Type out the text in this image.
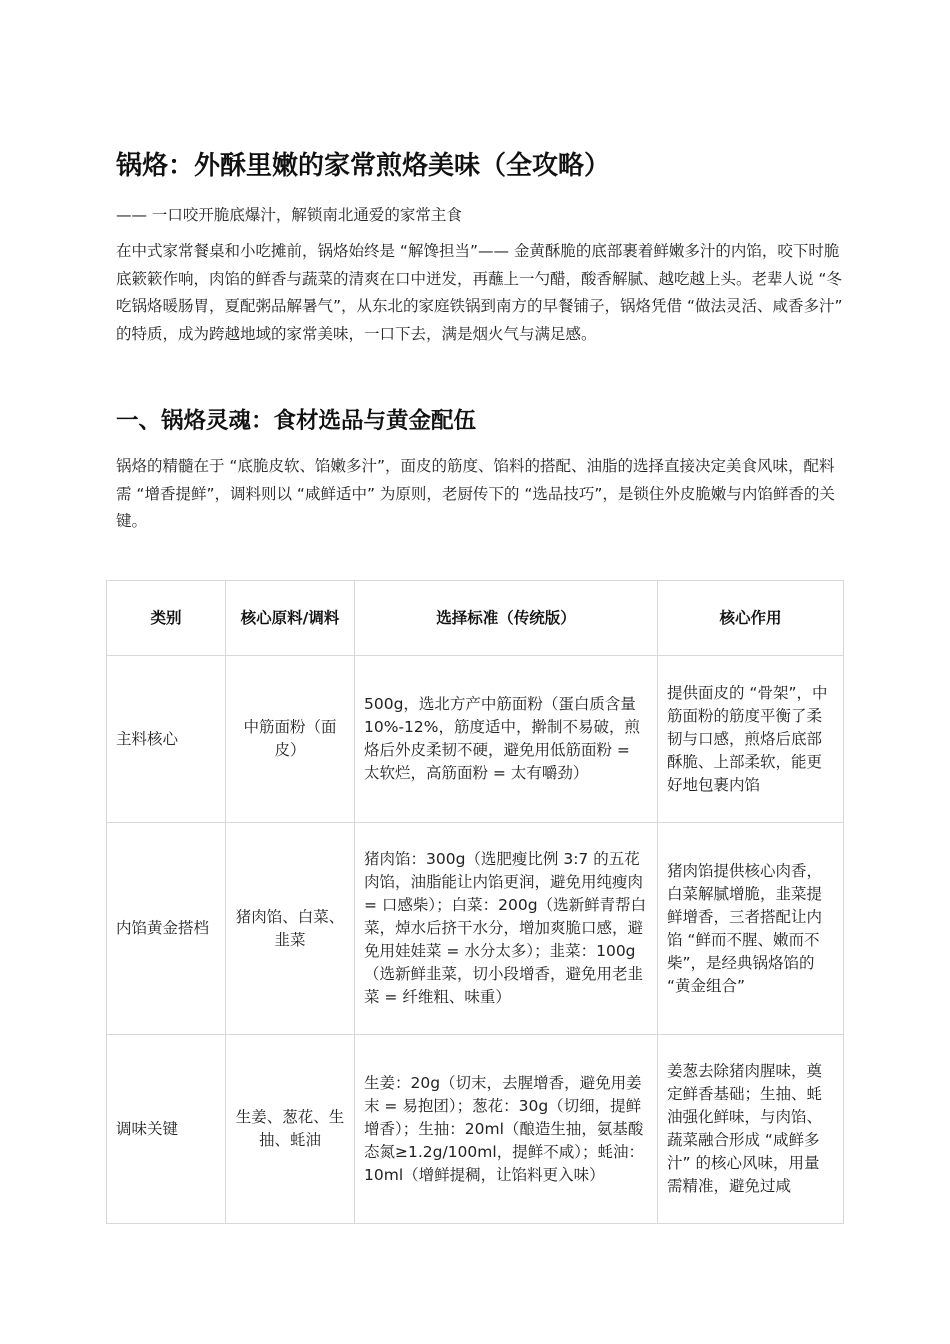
锅烙：外酥里嫩的家常煎烙美味（全攻略）

—— 一口咬开脆底爆汁，解锁南北通爱的家常主食

在中式家常餐桌和小吃摊前，锅烙始终是 “解馋担当”—— 金黄酥脆的底部裹着鲜嫩多汁的内馅，咬下时脆底簌簌作响，肉馅的鲜香与蔬菜的清爽在口中迸发，再蘸上一勺醋，酸香解腻、越吃越上头。老辈人说 “冬吃锅烙暖肠胃，夏配粥品解暑气”，从东北的家庭铁锅到南方的早餐铺子，锅烙凭借 “做法灵活、咸香多汁” 的特质，成为跨越地域的家常美味，一口下去，满是烟火气与满足感。

一、锅烙灵魂：食材选品与黄金配伍

锅烙的精髓在于 “底脆皮软、馅嫩多汁”，面皮的筋度、馅料的搭配、油脂的选择直接决定美食风味，配料需 “增香提鲜”，调料则以 “咸鲜适中” 为原则，老厨传下的 “选品技巧”，是锁住外皮脆嫩与内馅鲜香的关键。

类别	核心原料/调料	选择标准（传统版）	核心作用
主料核心	中筋面粉（面皮）	500g，选北方产中筋面粉（蛋白质含量 10%-12%，筋度适中，擀制不易破，煎烙后外皮柔韧不硬，避免用低筋面粉 = 太软烂，高筋面粉 = 太有嚼劲）	提供面皮的 “骨架”，中筋面粉的筋度平衡了柔韧与口感，煎烙后底部酥脆、上部柔软，能更好地包裹内馅
内馅黄金搭档	猪肉馅、白菜、韭菜	猪肉馅：300g（选肥瘦比例 3:7 的五花肉馅，油脂能让内馅更润，避免用纯瘦肉 = 口感柴）；白菜：200g（选新鲜青帮白菜，焯水后挤干水分，增加爽脆口感，避免用娃娃菜 = 水分太多）；韭菜：100g（选新鲜韭菜，切小段增香，避免用老韭菜 = 纤维粗、味重）	猪肉馅提供核心肉香，白菜解腻增脆，韭菜提鲜增香，三者搭配让内馅 “鲜而不腥、嫩而不柴”，是经典锅烙馅的 “黄金组合”
调味关键	生姜、葱花、生抽、蚝油	生姜：20g（切末，去腥增香，避免用姜末 = 易抱团）；葱花：30g（切细，提鲜增香）；生抽：20ml（酿造生抽，氨基酸态氮≥1.2g/100ml，提鲜不咸）；蚝油：10ml（增鲜提稠，让馅料更入味）	姜葱去除猪肉腥味，奠定鲜香基础；生抽、蚝油强化鲜味，与肉馅、蔬菜融合形成 “咸鲜多汁” 的核心风味，用量需精准，避免过咸
